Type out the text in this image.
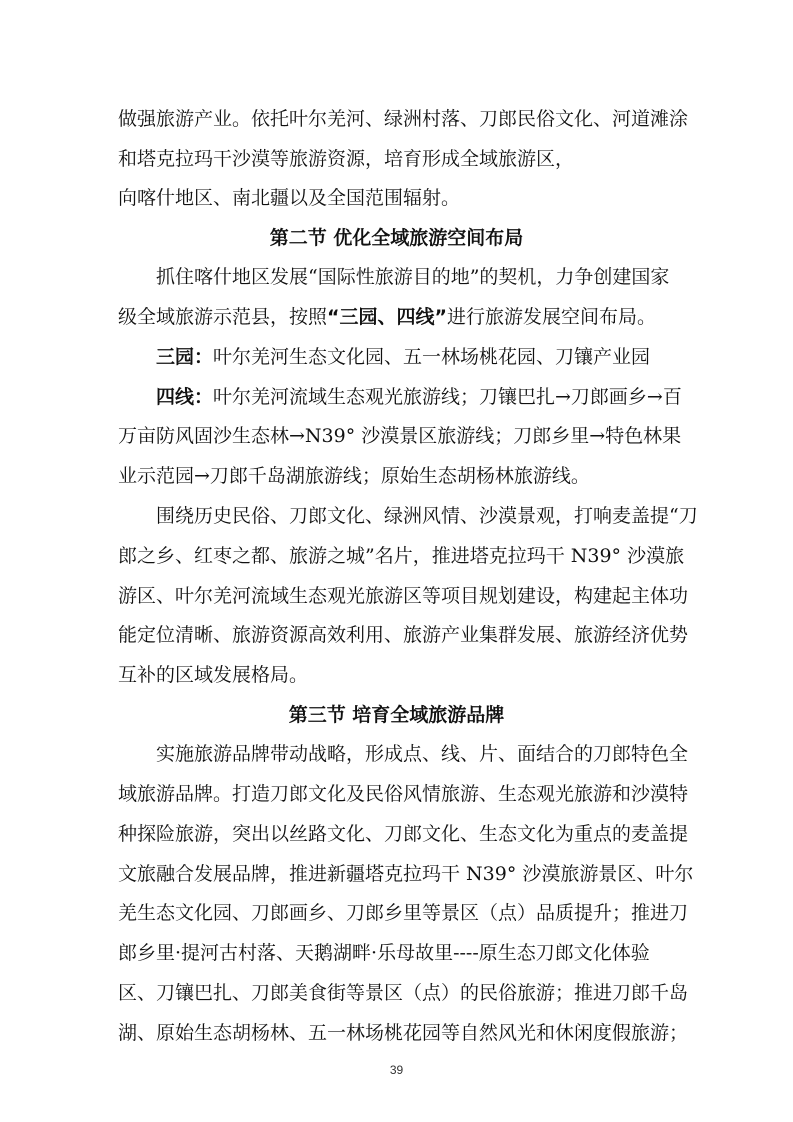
做强旅游产业。依托叶尔羌河、绿洲村落、刀郎民俗文化、河道滩涂
和塔克拉玛干沙漠等旅游资源，培育形成全域旅游区，
向喀什地区、南北疆以及全国范围辐射。
第二节 优化全域旅游空间布局
抓住喀什地区发展“国际性旅游目的地”的契机，力争创建国家
级全域旅游示范县，按照“三园、四线”进行旅游发展空间布局。
三园：叶尔羌河生态文化园、五一林场桃花园、刀镶产业园
四线：叶尔羌河流域生态观光旅游线；刀镶巴扎→刀郎画乡→百
万亩防风固沙生态林→N39° 沙漠景区旅游线；刀郎乡里→特色林果
业示范园→刀郎千岛湖旅游线；原始生态胡杨林旅游线。
围绕历史民俗、刀郎文化、绿洲风情、沙漠景观，打响麦盖提“刀
郎之乡、红枣之都、旅游之城”名片，推进塔克拉玛干 N39° 沙漠旅
游区、叶尔羌河流域生态观光旅游区等项目规划建设，构建起主体功
能定位清晰、旅游资源高效利用、旅游产业集群发展、旅游经济优势
互补的区域发展格局。
第三节 培育全域旅游品牌
实施旅游品牌带动战略，形成点、线、片、面结合的刀郎特色全
域旅游品牌。打造刀郎文化及民俗风情旅游、生态观光旅游和沙漠特
种探险旅游，突出以丝路文化、刀郎文化、生态文化为重点的麦盖提
文旅融合发展品牌，推进新疆塔克拉玛干 N39° 沙漠旅游景区、叶尔
羌生态文化园、刀郎画乡、刀郎乡里等景区（点）品质提升；推进刀
郎乡里·提河古村落、天鹅湖畔·乐母故里----原生态刀郎文化体验
区、刀镶巴扎、刀郎美食街等景区（点）的民俗旅游；推进刀郎千岛
湖、原始生态胡杨林、五一林场桃花园等自然风光和休闲度假旅游；
39
